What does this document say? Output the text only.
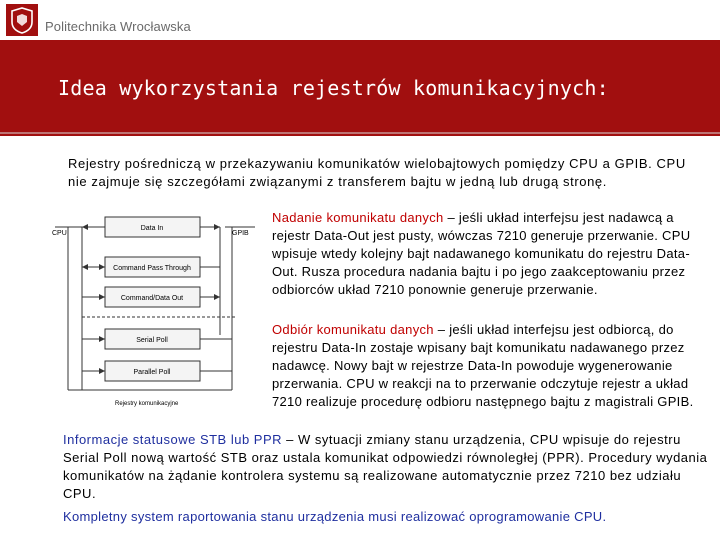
Politechnika Wrocławska
Idea wykorzystania rejestrów komunikacyjnych:
Rejestry pośredniczą w przekazywaniu komunikatów wielobajtowych pomiędzy CPU a GPIB. CPU nie zajmuje się szczegółami związanymi z transferem bajtu w jedną lub drugą stronę.
CPU	GPIB
Data In
Command Pass Through
Command/Data Out
Serial Poll
Parallel Poll
Rejestry komunikacyjne
Nadanie komunikatu danych – jeśli układ interfejsu jest nadawcą a rejestr Data-Out jest pusty, wówczas 7210 generuje przerwanie. CPU wpisuje wtedy kolejny bajt nadawanego komunikatu do rejestru Data-Out. Rusza procedura nadania bajtu i po jego zaakceptowaniu przez odbiorców układ 7210 ponownie generuje przerwanie.
Odbiór komunikatu danych – jeśli układ interfejsu jest odbiorcą, do rejestru Data-In zostaje wpisany bajt komunikatu nadawanego przez nadawcę. Nowy bajt w rejestrze Data-In powoduje wygenerowanie przerwania. CPU w reakcji na to przerwanie odczytuje rejestr a układ 7210 realizuje procedurę odbioru następnego bajtu z magistrali GPIB.
Informacje statusowe STB lub PPR – W sytuacji zmiany stanu urządzenia, CPU wpisuje do rejestru Serial Poll nową wartość STB oraz ustala komunikat odpowiedzi równoległej (PPR). Procedury wydania komunikatów na żądanie kontrolera systemu są realizowane automatycznie przez 7210 bez udziału CPU.
Kompletny system raportowania stanu urządzenia musi realizować oprogramowanie CPU.
